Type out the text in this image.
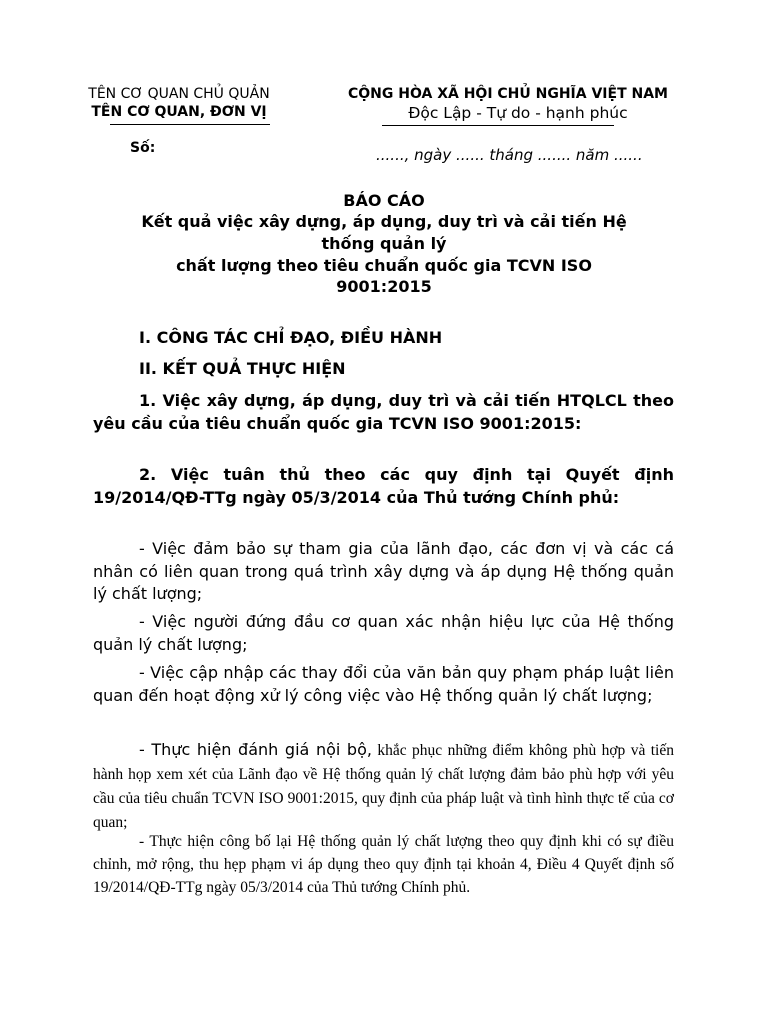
TÊN CƠ QUAN CHỦ QUẢN
TÊN CƠ QUAN, ĐƠN VỊ
Số:
CỘNG HÒA XÃ HỘI CHỦ NGHĨA VIỆT NAM
Độc Lập - Tự do - hạnh phúc
......, ngày ...... tháng ....... năm ......
BÁO CÁO
Kết quả việc xây dựng, áp dụng, duy trì và cải tiến Hệ
thống quản lý
chất lượng theo tiêu chuẩn quốc gia TCVN ISO
9001:2015
I. CÔNG TÁC CHỈ ĐẠO, ĐIỀU HÀNH
II. KẾT QUẢ THỰC HIỆN
1. Việc xây dựng, áp dụng, duy trì và cải tiến HTQLCL theo yêu cầu của tiêu chuẩn quốc gia TCVN ISO 9001:2015:
2. Việc tuân thủ theo các quy định tại Quyết định 19/2014/QĐ-TTg ngày 05/3/2014 của Thủ tướng Chính phủ:
- Việc đảm bảo sự tham gia của lãnh đạo, các đơn vị và các cá nhân có liên quan trong quá trình xây dựng và áp dụng Hệ thống quản lý chất lượng;
- Việc người đứng đầu cơ quan xác nhận hiệu lực của Hệ thống quản lý chất lượng;
- Việc cập nhập các thay đổi của văn bản quy phạm pháp luật liên quan đến hoạt động xử lý công việc vào Hệ thống quản lý chất lượng;
- Thực hiện đánh giá nội bộ, khắc phục những điểm không phù hợp và tiến hành họp xem xét của Lãnh đạo về Hệ thống quản lý chất lượng đảm bảo phù hợp với yêu cầu của tiêu chuẩn TCVN ISO 9001:2015, quy định của pháp luật và tình hình thực tế của cơ quan;
- Thực hiện công bố lại Hệ thống quản lý chất lượng theo quy định khi có sự điều chỉnh, mở rộng, thu hẹp phạm vi áp dụng theo quy định tại khoản 4, Điều 4 Quyết định số 19/2014/QĐ-TTg ngày 05/3/2014 của Thủ tướng Chính phủ.
